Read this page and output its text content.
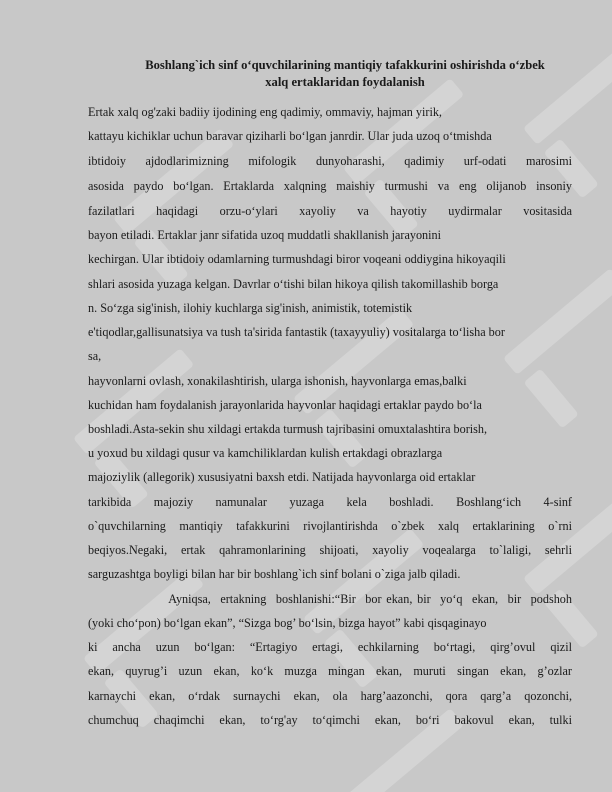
Boshlang`ich sinf o‘quvchilarining mantiqiy tafakkurini oshirishda o‘zbek
xalq ertaklaridan foydalanish
Ertak xalq og'zaki badiiy ijodining eng qadimiy, ommaviy, hajman yirik,
kattayu kichiklar uchun baravar qiziharli bo‘lgan janrdir. Ular juda uzoq o‘tmishda
ibtidoiy ajdodlarimizning mifologik dunyoharashi, qadimiy urf-odati marosimi
asosida paydo bo‘lgan. Ertaklarda xalqning maishiy turmushi va eng olijanob insoniy
fazilatlari haqidagi orzu-o‘ylari xayoliy va hayotiy uydirmalar vositasida
bayon etiladi. Ertaklar janr sifatida uzoq muddatli shakllanish jarayonini
kechirgan. Ular ibtidoiy odamlarning turmushdagi biror voqeani oddiygina hikoyaqili
shlari asosida yuzaga kelgan. Davrlar o‘tishi bilan hikoya qilish takomillashib borga
n. So‘zga sig'inish, ilohiy kuchlarga sig'inish, animistik, totemistik
e'tiqodlar,gallisunatsiya va tush ta'sirida fantastik (taxayyuliy) vositalarga to‘lisha bor
sa,
hayvonlarni ovlash, xonakilashtirish, ularga ishonish, hayvonlarga emas,balki
kuchidan ham foydalanish jarayonlarida hayvonlar haqidagi ertaklar paydo bo‘la
boshladi.Asta-sekin shu xildagi ertakda turmush tajribasini omuxtalashtira borish,
u yoxud bu xildagi qusur va kamchiliklardan kulish ertakdagi obrazlarga
majoziylik (allegorik) xususiyatni baxsh etdi. Natijada hayvonlarga oid ertaklar
tarkibida majoziy namunalar yuzaga kela boshladi. Boshlang‘ich 4-sinf
o`quvchilarning mantiqiy tafakkurini rivojlantirishda o`zbek xalq ertaklarining o`rni
beqiyos.Negaki, ertak qahramonlarining shijoati, xayoliy voqealarga to`laligi, sehrli
sarguzashtga boyligi bilan har bir boshlang`ich sinf bolani o`ziga jalb qiladi.
Ayniqsa,  ertakning  boshlanishi:“Bir  bor ekan, bir  yo‘q  ekan,  bir  podshoh
(yoki cho‘pon) bo‘lgan ekan”, “Sizga bog’ bo‘lsin, bizga hayot” kabi qisqaginayo
ki ancha uzun bo‘lgan: “Ertagiyo ertagi, echkilarning bo‘rtagi, qirg’ovul qizil
ekan, quyrug’i uzun ekan, ko‘k muzga mingan ekan, muruti singan ekan, g’ozlar
karnaychi ekan, o‘rdak surnaychi ekan, ola harg’aazonchi, qora qarg’a qozonchi,
chumchuq chaqimchi ekan, to‘rg'ay to‘qimchi ekan, bo‘ri bakovul ekan, tulki
